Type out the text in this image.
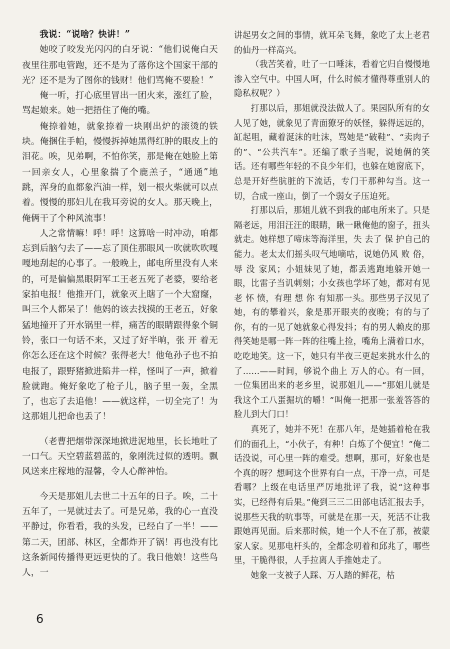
我说：“说啥？快讲！”

她咬了咬发光闪闪的白牙说：“他们说俺白天夜里往那电管跑，还不是为了落你这个国家干部的光？还不是为了图你的钱财！他们骂俺不要脸！”

俺一听，打心底里冒出一团火来，涨红了脸，骂起娘来。她一把捂住了俺的嘴。

俺捺着她，就象捺着一块刚出炉的滚烫的铁块。俺捆住手帕，慢慢拆掉她黑得红肿的眼皮上的泪花。唉，见弟啊，不怕你笑，那是俺在她脸上第一回亲女人，心里象揣了个鹿羔子，“通通”地跳，浑身的血都象汽油一样，划一根火柴就可以点着。慢慢的那妇儿在我耳旁说的女人。那天晚上，俺俩干了个种风流事！

人之常情嘛！呼！呼！这算啥一时冲动，咱都忘到后脑勺去了——忘了顶住那眼风一吹就吹吹嘎嘎地刮起的心事了。一般晚上，邮电所里没有人来的，可是偏偏黑眼阴军工王老五死了老婆，要给老家拍电报！他推开门，就象灭上瞎了一个大窟窿，叫三个人都呆了！他妈的该去找摸的王老五，好象猛地撞开了开水锅里一样，痛苦的眼睛跟得象个铜铃，张口一句话不来，又过了好半晌，张 开 着无你怎么还在这个时候？张得老大！他龟孙子也不拍电报了，跟野猪掀进陷井一样，怪叫了一声，掀着脸就跑。俺好象吃了枪子儿，脑子里一轰，全黑了，也忘了去追他！——就这样，一切全完了！为这那姐儿把命也丢了！

（老曹把烟带深深地掀进泥地里，长长地吐了一口气。天空碧蓝碧蓝的，象刚洗过似的透明。飘风送来庄稼地的湿馨，令人心醉神怡。

今天是那姐儿去世二十五年的日子。唉，二十五年了，一晃就过去了。可是兄弟，我的心一直没平静过，你看看，我的头发，已经白了一半！——第二天，团部、林区，全都炸开了锅！再也没有比这条新闻传播得更远更快的了。我日他娘！这些鸟人，一

讲起男女之间的事情，就耳朵飞舞，象吃了太上老君的仙丹一样高兴。

（我苦笑着，吐了一口唾沫，看着它归自慢慢地渗入空气中。中国人呵，什么时候才懂得尊重别人的隐私权呢？）

打那以后，那姐就没法做人了。果园队所有的女人见了她，就象见了青面獠牙的妖怪，躲得远远的，缸起咀，藏着涎沫的吐沫，骂她是“破鞋”、“卖肉子的”、“公共汽车”。还编了歌子当呢，说她俩的笑话。还有哪些年轻的不良少年们，也躲在她窗底下，总是开好些肮脏的下流话，专门干那种勾当。这一切，合成一座山，倒了一个弱女子压迫死。

打那以后，那姐儿就不到我的邮电所来了。只是隔老远，用泪汪汪的眼睛，瞅一瞅俺他的窗子，扭头就走。她样想了啼床等海洋里，失 去了 保 护自己的能力。老太太们摇头叹气地嘀咕，说她仍风 败 俗，辱 没 家风；小姐妹见了她，都丢逃跑地躲开她一眼，比雷子当讥刺刻；小女孩也学坏了她，都对有见 老 怀 愤，有理 想 你 有知那一头。那些男子汉见了她，有的攀着兴，象是那开眼夹的夜晚；有的与了你，有的一见了她就象心得发抖；有的男人赖皮的那得笑她是哪一阵一阵的往嘴上捡，嘴角上满着口水，吃吃地笑。这一下，她只有半夜三更起来挑水什么的了……——时间，够说个曲上 万人的心。有一回，一位集团出来的老乡里，说那姐儿——“那姐儿就是我这个工八蛋掘坑的嚼！”叫俺一把那一张羞答答的脸儿到大门口！

真死了，她并不死！在那八年，是她插着枪在我们的面孔上，“小伙子，有种！白炼了个便宜！”俺二话没说，可心里一阵的难受。想啊，那可，好象也是个真的呀？想呵这个世界有白一点，干净一点，可是看哪？上级在电话里严厉地批评了我，说“这种事实，已经得有后果。”俺到三三二田部电话汇报去手，说那些天我的吭事等，可就是在那一天，死活不让我跟她再见面。后来那时候，她一个人不在了那，被蒙家人家。见那电杆头的，全都念叨着和邱兆了，哪些里，干脆得很，人手拉离人手推她走了。

她象一支被子人踩、万人踏的鲜花，枯

6
